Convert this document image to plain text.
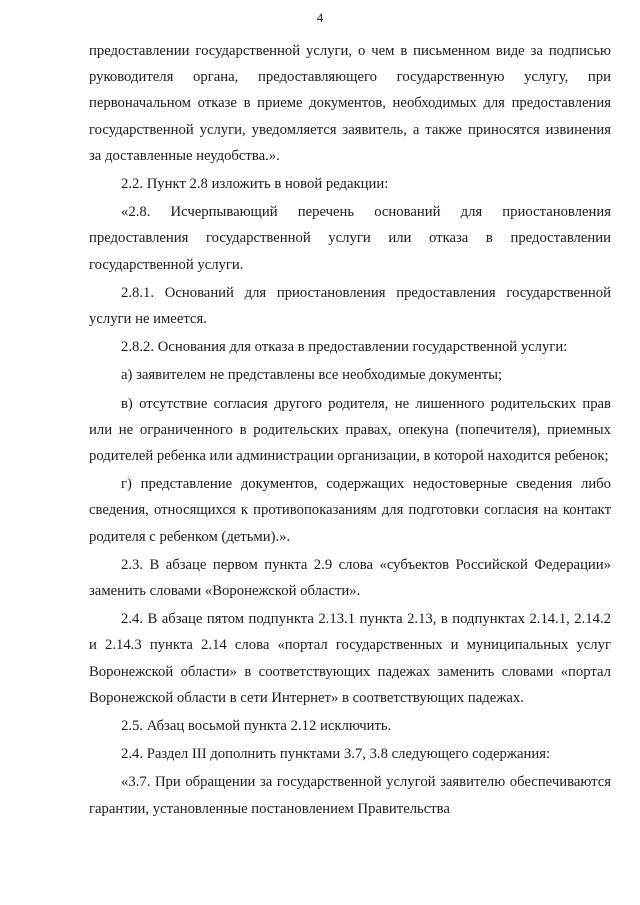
4

предоставлении государственной услуги, о чем в письменном виде за подписью руководителя органа, предоставляющего государственную услугу, при первоначальном отказе в приеме документов, необходимых для предоставления государственной услуги, уведомляется заявитель, а также приносятся извинения за доставленные неудобства.».

2.2. Пункт 2.8 изложить в новой редакции:

«2.8. Исчерпывающий перечень оснований для приостановления предоставления государственной услуги или отказа в предоставлении государственной услуги.

2.8.1. Оснований для приостановления предоставления государственной услуги не имеется.

2.8.2. Основания для отказа в предоставлении государственной услуги:

а) заявителем не представлены все необходимые документы;

в) отсутствие согласия другого родителя, не лишенного родительских прав или не ограниченного в родительских правах, опекуна (попечителя), приемных родителей ребенка или администрации организации, в которой находится ребенок;

г) представление документов, содержащих недостоверные сведения либо сведения, относящихся к противопоказаниям для подготовки согласия на контакт родителя с ребенком (детьми).».

2.3. В абзаце первом пункта 2.9 слова «субъектов Российской Федерации» заменить словами «Воронежской области».

2.4. В абзаце пятом подпункта 2.13.1 пункта 2.13, в подпунктах 2.14.1, 2.14.2 и 2.14.3 пункта 2.14 слова «портал государственных и муниципальных услуг Воронежской области» в соответствующих падежах заменить словами «портал Воронежской области в сети Интернет» в соответствующих падежах.

2.5. Абзац восьмой пункта 2.12 исключить.

2.4. Раздел III дополнить пунктами 3.7, 3.8 следующего содержания:

«3.7. При обращении за государственной услугой заявителю обеспечиваются гарантии, установленные постановлением Правительства
